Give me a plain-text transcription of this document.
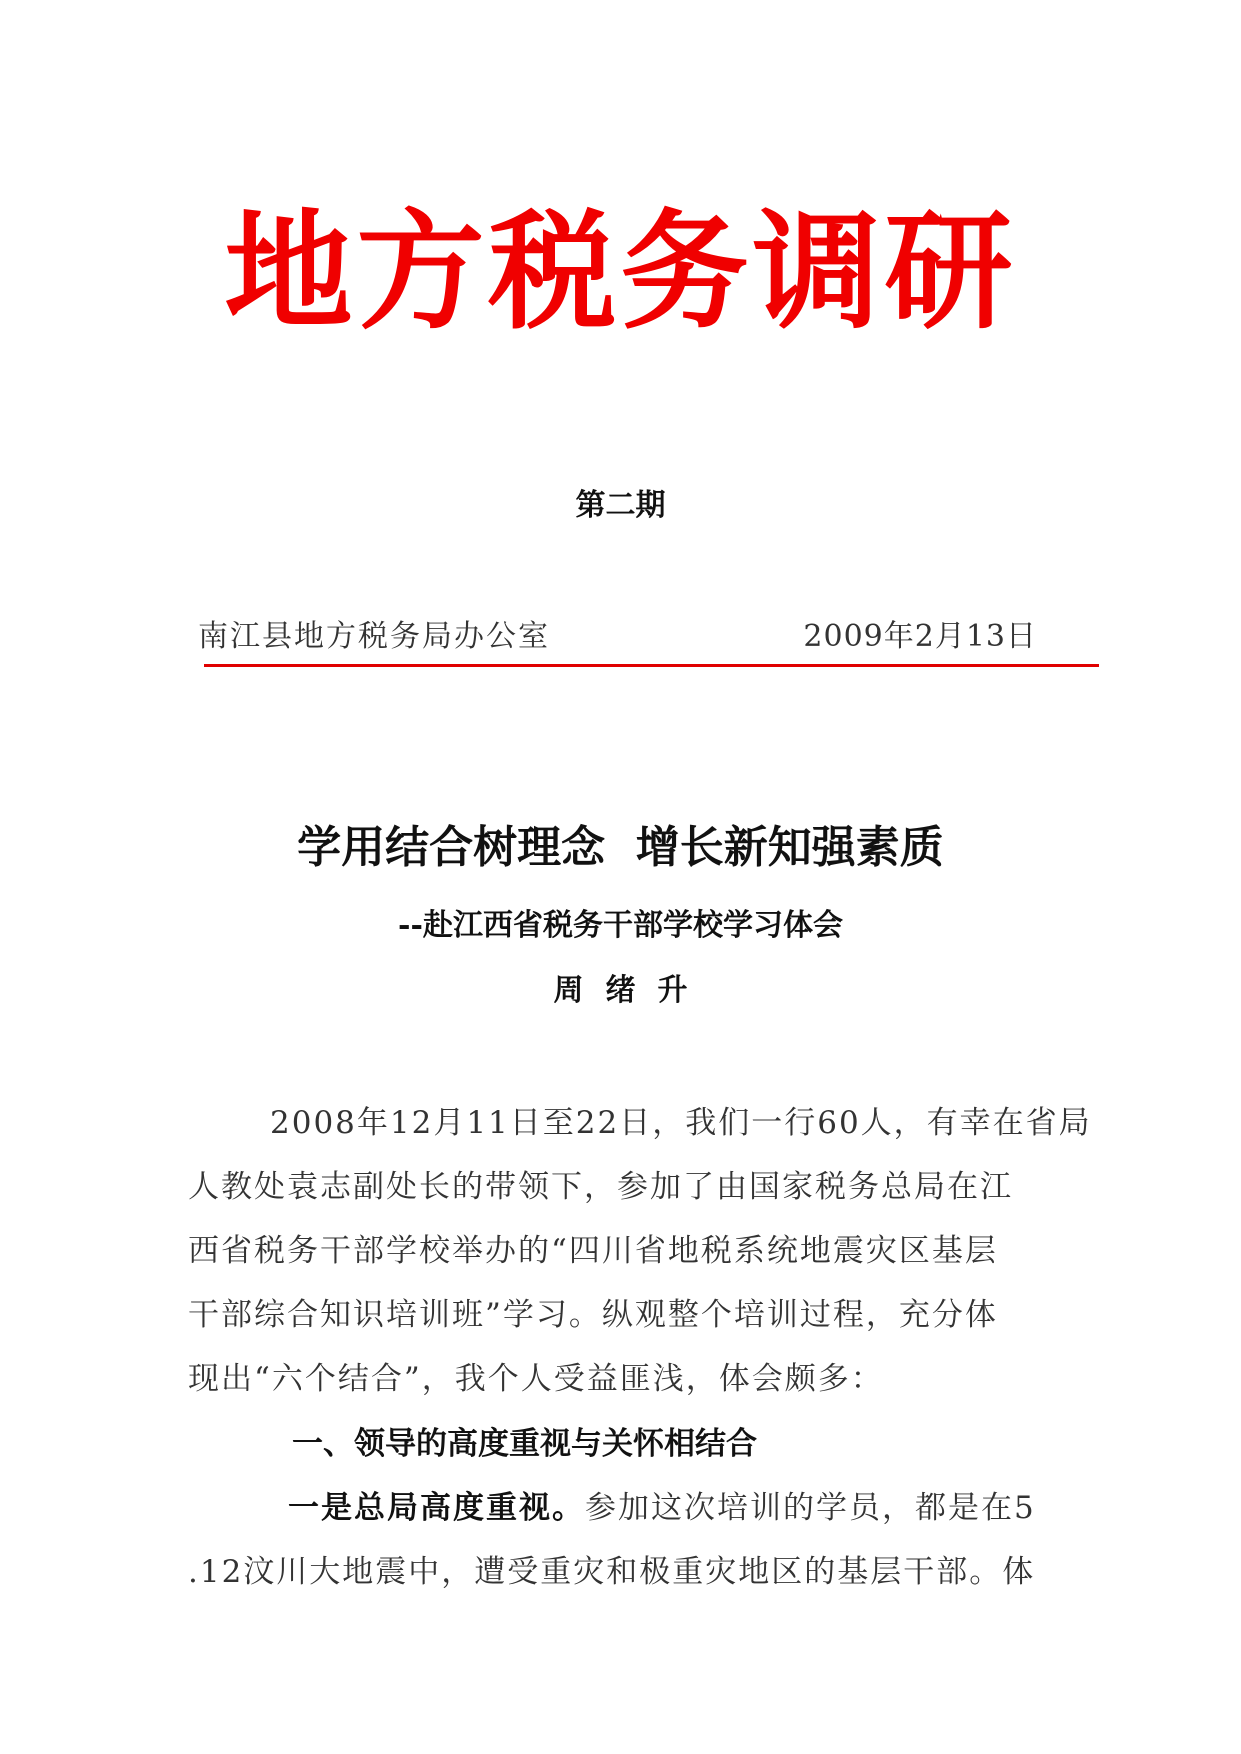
地方税务调研
第二期
南江县地方税务局办公室	2009年2月13日
学用结合树理念  增长新知强素质
--赴江西省税务干部学校学习体会
周绪升
2008年12月11日至22日，我们一行60人，有幸在省局
人教处袁志副处长的带领下，参加了由国家税务总局在江
西省税务干部学校举办的“四川省地税系统地震灾区基层
干部综合知识培训班”学习。纵观整个培训过程，充分体
现出“六个结合”，我个人受益匪浅，体会颇多：
一、领导的高度重视与关怀相结合
一是总局高度重视。参加这次培训的学员，都是在5
.12汶川大地震中，遭受重灾和极重灾地区的基层干部。体
